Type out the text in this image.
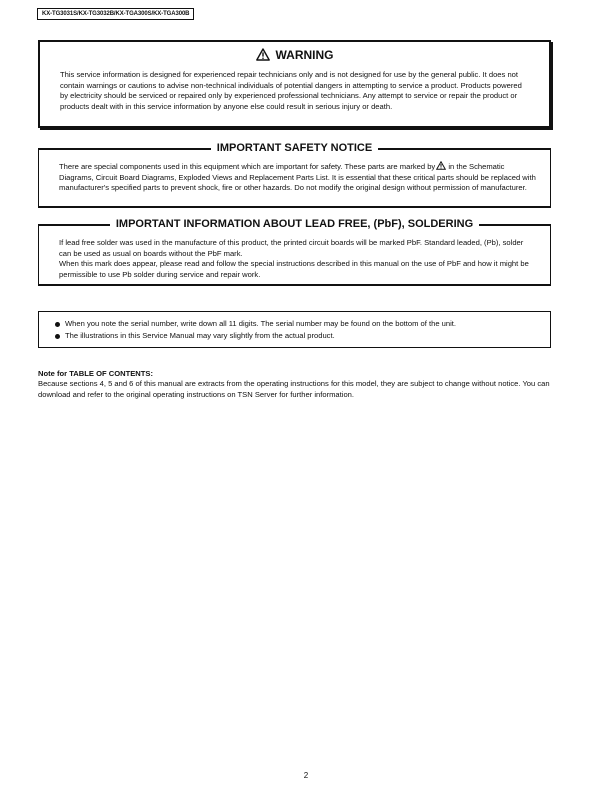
KX-TG3031S/KX-TG3032B/KX-TGA300S/KX-TGA300B
WARNING
This service information is designed for experienced repair technicians only and is not designed for use by the general public. It does not contain warnings or cautions to advise non-technical individuals of potential dangers in attempting to service a product. Products powered by electricity should be serviced or repaired only by experienced professional technicians. Any attempt to service or repair the product or products dealt with in this service information by anyone else could result in serious injury or death.
IMPORTANT SAFETY NOTICE
There are special components used in this equipment which are important for safety. These parts are marked by in the Schematic Diagrams, Circuit Board Diagrams, Exploded Views and Replacement Parts List. It is essential that these critical parts should be replaced with manufacturer's specified parts to prevent shock, fire or other hazards. Do not modify the original design without permission of manufacturer.
IMPORTANT INFORMATION ABOUT LEAD FREE, (PbF), SOLDERING
If lead free solder was used in the manufacture of this product, the printed circuit boards will be marked PbF. Standard leaded, (Pb), solder can be used as usual on boards without the PbF mark.
When this mark does appear, please read and follow the special instructions described in this manual on the use of PbF and how it might be permissible to use Pb solder during service and repair work.
When you note the serial number, write down all 11 digits. The serial number may be found on the bottom of the unit.
The illustrations in this Service Manual may vary slightly from the actual product.
Note for TABLE OF CONTENTS:
Because sections 4, 5 and 6 of this manual are extracts from the operating instructions for this model, they are subject to change without notice. You can download and refer to the original operating instructions on TSN Server for further information.
2
